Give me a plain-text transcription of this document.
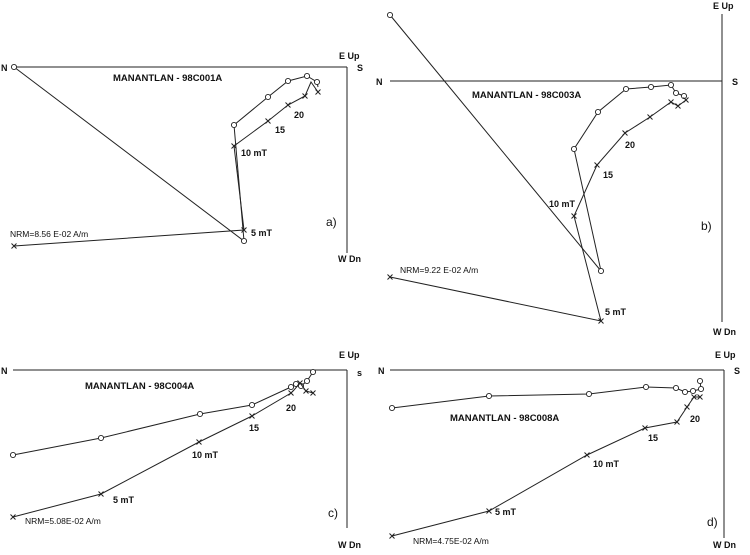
N
E Up
S
W Dn
MANANTLAN - 98C001A
a)
NRM=8.56 E-02 A/m	5 mT
10 mT
15
20
N
E Up
S
W Dn
MANANTLAN - 98C003A
b)
NRM=9.22 E-02 A/m
5 mT
10 mT
15
20
N
E Up
s
W Dn
MANANTLAN - 98C004A
c)
NRM=5.08E-02 A/m
5 mT
10 mT
15
20
N
E Up
S
W Dn
MANANTLAN - 98C008A
d)
NRM=4.75E-02 A/m
5 mT
10 mT
15
20
